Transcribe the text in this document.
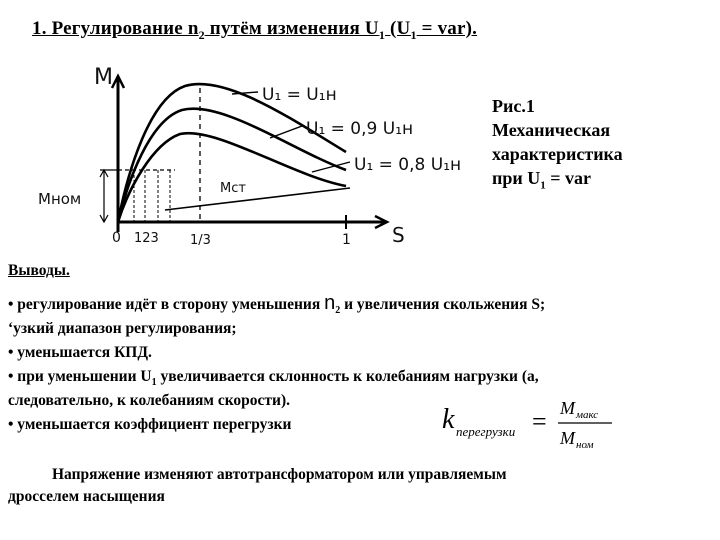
1. Регулирование $n_2$ путём изменения $U_1$ $(U_1 = var)$.
М
S
Мст
Мном
0 123 1/3	1
U₁ = U₁н
U₁ = 0,9 U₁н
U₁ = 0,8 U₁н
Рис.1
Механическая
характеристика
при $U_1$ = var
Выводы.
• регулирование идёт в сторону уменьшения $n_2$ и увеличения скольжения S;
‘узкий диапазон регулирования;
• уменьшается КПД.
• при уменьшении $U_1$ увеличивается склонность к колебаниям нагрузки (а,
следовательно, к колебаниям скорости).
• уменьшается коэффициент перегрузки	k перегрузки = M макс
M ном
Напряжение изменяют автотрансформатором или управляемым
дросселем насыщения
